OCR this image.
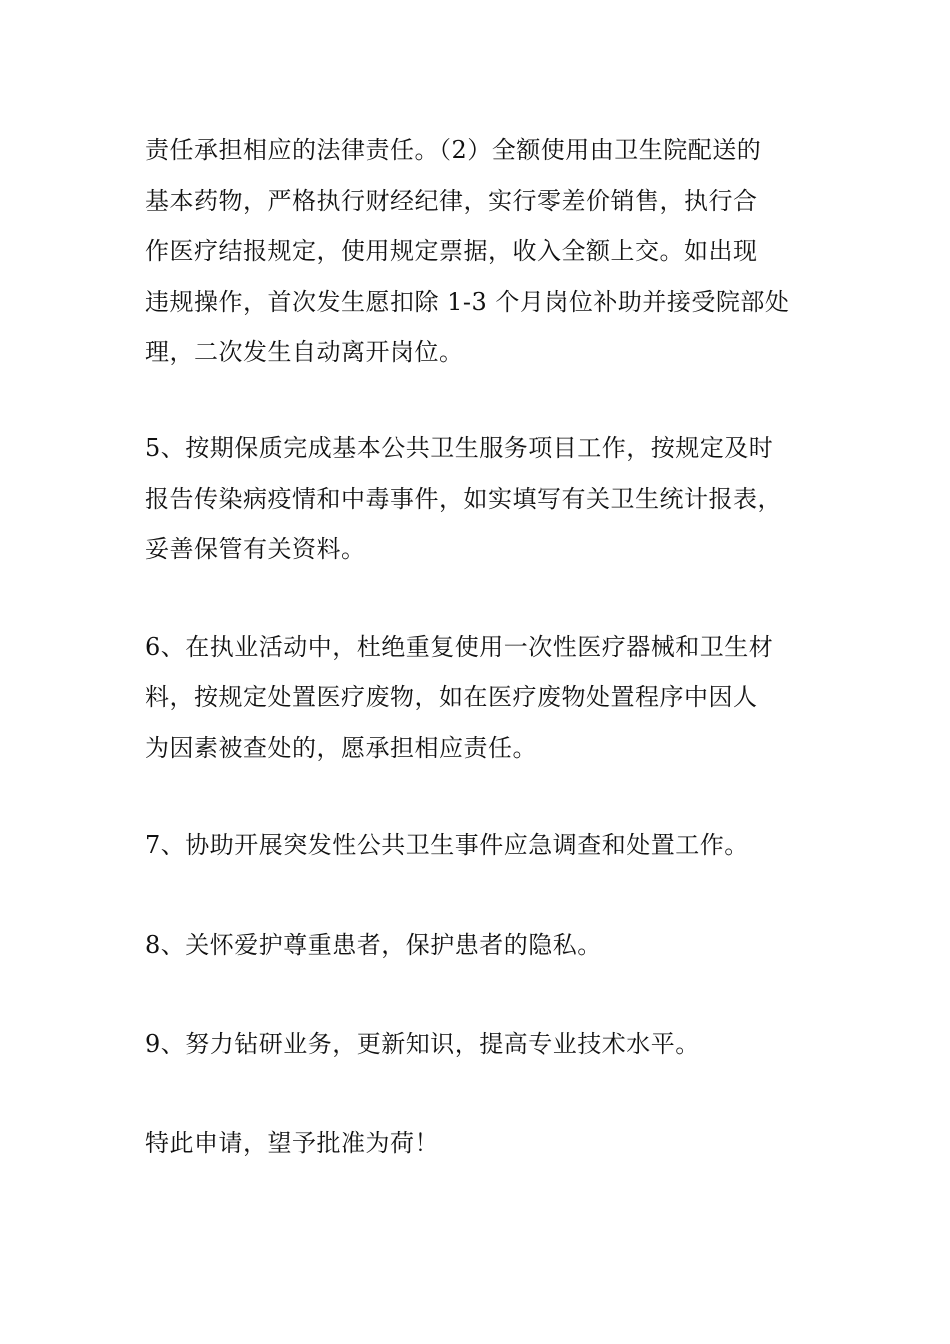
责任承担相应的法律责任。（2）全额使用由卫生院配送的
基本药物，严格执行财经纪律，实行零差价销售，执行合
作医疗结报规定，使用规定票据，收入全额上交。如出现
违规操作，首次发生愿扣除 1-3 个月岗位补助并接受院部处
理，二次发生自动离开岗位。
5、按期保质完成基本公共卫生服务项目工作，按规定及时
报告传染病疫情和中毒事件，如实填写有关卫生统计报表，
妥善保管有关资料。
6、在执业活动中，杜绝重复使用一次性医疗器械和卫生材
料，按规定处置医疗废物，如在医疗废物处置程序中因人
为因素被查处的，愿承担相应责任。
7、协助开展突发性公共卫生事件应急调查和处置工作。
8、关怀爱护尊重患者，保护患者的隐私。
9、努力钻研业务，更新知识，提高专业技术水平。
特此申请，望予批准为荷！
